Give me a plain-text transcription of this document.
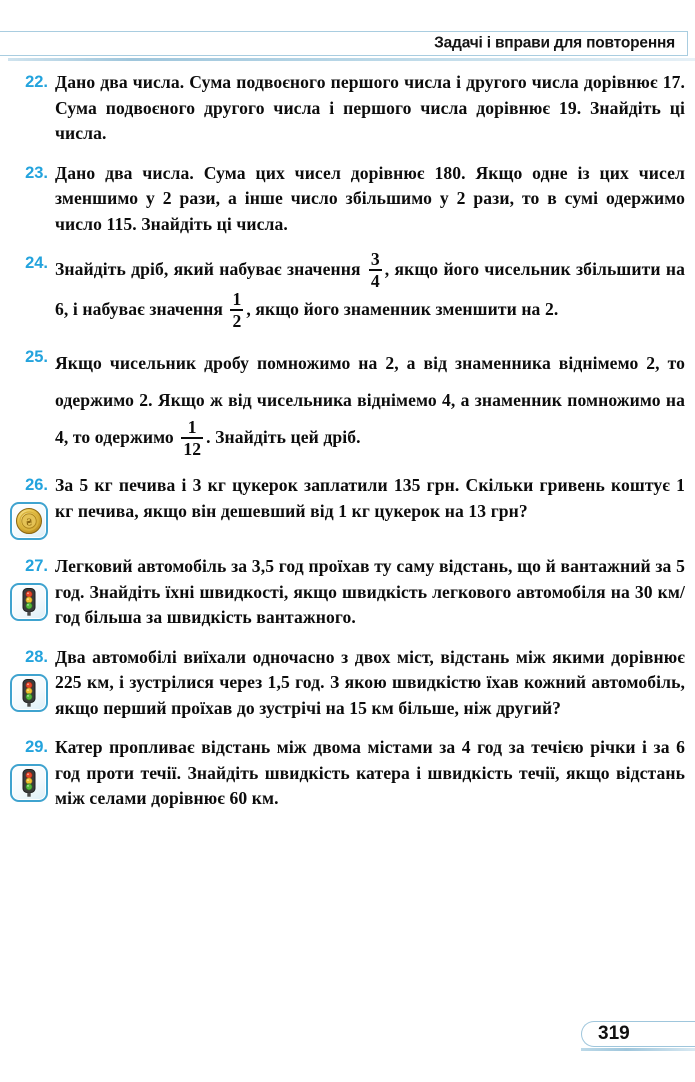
Задачі і вправи для повторення
22. Дано два числа. Сума подвоєного першого числа і другого числа дорівнює 17. Сума подвоєного другого числа і першого числа дорівнює 19. Знайдіть ці числа.
23. Дано два числа. Сума цих чисел дорівнює 180. Якщо одне із цих чисел зменшимо у 2 рази, а інше число збільшимо у 2 рази, то в сумі одержимо число 115. Знайдіть ці числа.
24. Знайдіть дріб, який набуває значення $\frac{3}{4}$ , якщо його чисельник збільшити на 6, і набуває значення $\frac{1}{2}$ , якщо його знаменник зменшити на 2.
25. Якщо чисельник дробу помножимо на 2, а від знаменника віднімемо 2, то одержимо 2. Якщо ж від чисельника віднімемо 4, а знаменник помножимо на 4, то одержимо $\frac{1}{12}$ . Знайдіть цей дріб.
26.
₴
За 5 кг печива і 3 кг цукерок заплатили 135 грн. Скільки гривень коштує 1 кг печива, якщо він дешевший від 1 кг цукерок на 13 грн?
27. Легковий автомобіль за 3,5 год проїхав ту саму відстань, що й вантажний за 5 год. Знайдіть їхні швидкості, якщо швидкість легкового автомобіля на 30 км/год більша за швидкість вантажного.
28. Два автомобілі виїхали одночасно з двох міст, відстань між якими дорівнює 225 км, і зустрілися через 1,5 год. З якою швидкістю їхав кожний автомобіль, якщо перший проїхав до зустрічі на 15 км більше, ніж другий?
29. Катер пропливає відстань між двома містами за 4 год за течією річки і за 6 год проти течії. Знайдіть швидкість катера і швидкість течії, якщо відстань між селами дорівнює 60 км.
319
